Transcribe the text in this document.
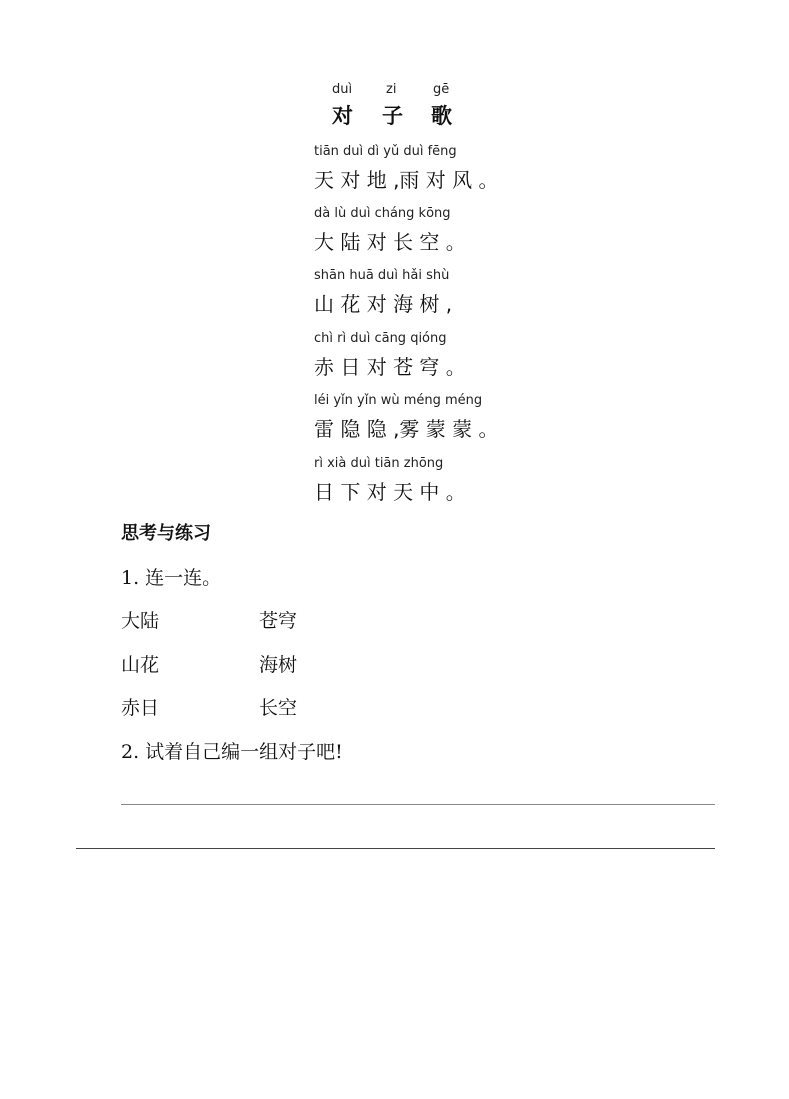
duì	zi	gē
对 子 歌
tiān duì dì yǔ duì fēng
天 对 地 ,雨 对 风 。
dà lù duì cháng kōng
大 陆 对 长 空 。
shān huā duì hǎi shù
山 花 对 海 树 ,
chì rì duì cāng qióng
赤 日 对 苍 穹 。
léi yǐn yǐn wù méng méng
雷 隐 隐 ,雾 蒙 蒙 。
rì xià duì tiān zhōng
日 下 对 天 中 。
思考与练习
1. 连一连。
大陆	苍穹
山花	海树
赤日	长空
2. 试着自己编一组对子吧!
